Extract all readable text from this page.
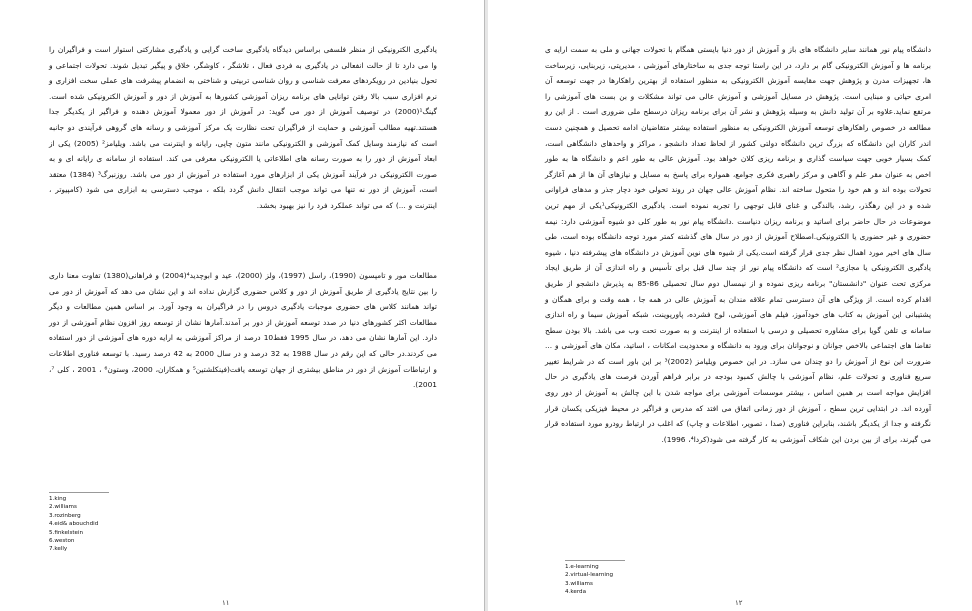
یادگیری الکترونیکی از منظر فلسفی براساس دیدگاه یادگیری ساخت گرایی و یادگیری مشارکتی استوار است و فراگیران را وا می دارد تا از حالت انفعالی در یادگیری به فردی فعال ، تلاشگر ، کاوشگر، خلاق و پیگیر تبدیل شوند. تحولات اجتماعی و تحول بنیادین در رویکردهای معرفت شناسی و روان شناسی تربیتی و شناختی به انضمام پیشرفت های عملی سخت افزاری و نرم افزاری سبب بالا رفتن توانایی های برنامه ریزان آموزشی کشورها به آموزش از دور و آموزش الکترونیکی شده است. گینگ¹(2000) در توصیف آموزش از دور می گوید: در آموزش از دور معمولا آموزش دهنده و فراگیر از یکدیگر جدا هستند.تهیه مطالب آموزشی و حمایت از فراگیران تحت نظارت یک مرکز آموزشی و رسانه های گروهی فرآیندی دو جانبه است که نیازمند وسایل کمک آموزشی و الکترونیکی مانند متون چاپی، رایانه و اینترنت می باشد. ویلیامز² (2005) یکی از ابعاد آموزش از دور را به صورت رسانه های اطلاعاتی یا الکترونیکی معرفی می کند. استفاده از سامانه ی رایانه ای و به صورت الکترونیکی در فرآیند آموزش یکی از ابزارهای مورد استفاده در آموزش از دور می باشد. روزنبرگ³ (1384) معتقد است، آموزش از دور نه تنها می تواند موجب انتقال دانش گردد بلکه ، موجب دسترسی به ابزاری می شود (کامپیوتر ، اینترنت و ...) که می تواند عملکرد فرد را نیز بهبود بخشد.

مطالعات مور و تامپسون (1990)، راسل (1997)، ولز (2000)، عید و ابوچدید⁴(2004) و فراهانی(1380) تفاوت معنا داری را بین نتایج یادگیری از طریق آموزش از دور و کلاس حضوری گزارش نداده اند و این نشان می دهد که آموزش از دور می تواند همانند کلاس های حضوری موجبات یادگیری دروس را در فراگیران به وجود آورد. بر اساس همین مطالعات و دیگر مطالعات اکثر کشورهای دنیا در صدد توسعه آموزش از دور بر آمدند.آمارها نشان از توسعه روز افزون نظام آموزشی از دور دارد. این آمارها نشان می دهد، در سال 1995 فقط10 درصد از مراکز آموزشی به ارایه دوره های آموزشی از دور استفاده می کردند.در حالی که این رقم در سال 1988 به 32 درصد و در سال 2000 به 42 درصد رسید. با توسعه فناوری اطلاعات و ارتباطات آموزش از دور در مناطق بیشتری از جهان توسعه یافت(فینکلشتین⁵ و همکاران، 2000، وستون⁶ ، 2001 ، کلی ⁷، 2001).

1.king
2.williams
3.rozinberg
4.eid& abouchdid
5.finkelstein
6.weston
7.kelly
۱۱

دانشگاه پیام نور همانند سایر دانشگاه های باز و آموزش از دور دنیا بایستی همگام با تحولات جهانی و ملی به سمت ارایه ی برنامه ها و آموزش الکترونیکی گام بر دارد، در این راستا توجه جدی به ساختارهای آموزشی ، مدیریتی، زیربنایی، زیرساخت ها، تجهیزات مدرن و پژوهش جهت مقایسه آموزش الکترونیکی به منظور استفاده از بهترین راهکارها در جهت توسعه آن امری حیاتی و مبنایی است. پژوهش در مسایل آموزشی و آموزش عالی می تواند مشکلات و بن بست های آموزشی را مرتفع نماید.علاوه بر آن تولید دانش به وسیله پژوهش و نشر آن برای برنامه ریزان درسطح ملی ضروری است . از این رو مطالعه در خصوص راهکارهای توسعه آموزش الکترونیکی به منظور استفاده بیشتر متقاضیان ادامه تحصیل و همچنین دست اندر کاران این دانشگاه که بزرگ ترین دانشگاه دولتی کشور از لحاظ تعداد دانشجو ، مراکز و واحدهای دانشگاهی است، کمک بسیار خوبی جهت سیاست گذاری و برنامه ریزی کلان خواهد بود. آموزش عالی به طور اعم و دانشگاه ها به طور اخص به عنوان مقر علم و آگاهی و مرکز راهبری فکری جوامع، همواره برای پاسخ به مسایل و نیازهای آن ها از هم آغازگر تحولات بوده اند و هم خود را متحول ساخته اند. نظام آموزش عالی جهان در روند تحولی خود دچار جذر و مدهای فراوانی شده و در این رهگذر، رشد، بالندگی و غنای قابل توجهی را تجربه نموده است. یادگیری الکترونیکی¹یکی از مهم ترین موضوعات در حال حاضر برای اساتید و برنامه ریزان دنیاست .دانشگاه پیام نور به طور کلی دو شیوه آموزشی دارد: نیمه حضوری و غیر حضوری یا الکترونیکی.اصطلاح آموزش از دور در سال های گذشته کمتر مورد توجه دانشگاه بوده است، طی سال های اخیر مورد اهمال نظر جدی قرار گرفته است.یکی از شیوه های نوین آموزش در دانشگاه های پیشرفته دنیا ، شیوه یادگیری الکترونیکی یا مجازی² است که دانشگاه پیام نور از چند سال قبل برای تأسیس و راه اندازی آن از طریق ایجاد مرکزی تحت عنوان "دانشستان" برنامه ریزی نموده و از نیمسال دوم سال تحصیلی 86-85 به پذیرش دانشجو از طریق اقدام کرده است. از ویژگی های آن دسترسی تمام علاقه مندان به آموزش عالی در همه جا ، همه وقت و برای همگان و پشتیبانی این آموزش به کتاب های خودآموز، فیلم های آموزشی، لوح فشرده، پاورپوینت، شبکه آموزش سیما و راه اندازی سامانه ی تلفن گویا برای مشاوره تحصیلی و درسی با استفاده از اینترنت و به صورت تحت وب می باشد. بالا بودن سطح تقاضا های اجتماعی بالاخص جوانان و نوجوانان برای ورود به دانشگاه و محدودیت امکانات ، اساتید، مکان های آموزشی و ... ضرورت این نوع از آموزش را دو چندان می سازد. در این خصوص ویلیامز (2002)³ بر این باور است که در شرایط تغییر سریع فناوری و تحولات علم، نظام آموزشی با چالش کمبود بودجه در برابر فراهم آوردن فرصت های یادگیری در حال افزایش مواجه است بر همین اساس ، بیشتر موسسات آموزشی برای مواجه شدن با این چالش به آموزش از دور روی آورده اند. در ابتدایی ترین سطح ، آموزش از دور زمانی اتفاق می افتد که مدرس و فراگیر در محیط فیزیکی یکسان قرار نگرفته و جدا از یکدیگر باشند، بنابراین فناوری (صدا ، تصویر، اطلاعات و چاپ) که اغلب در ارتباط رودرو مورد استفاده قرار می گیرند، برای از بین بردن این شکاف آموزشی به کار گرفته می شود(کردا⁴، 1996).

1.e-learning
2.virtual-learning
3.williams
4.kerda
۱۲
